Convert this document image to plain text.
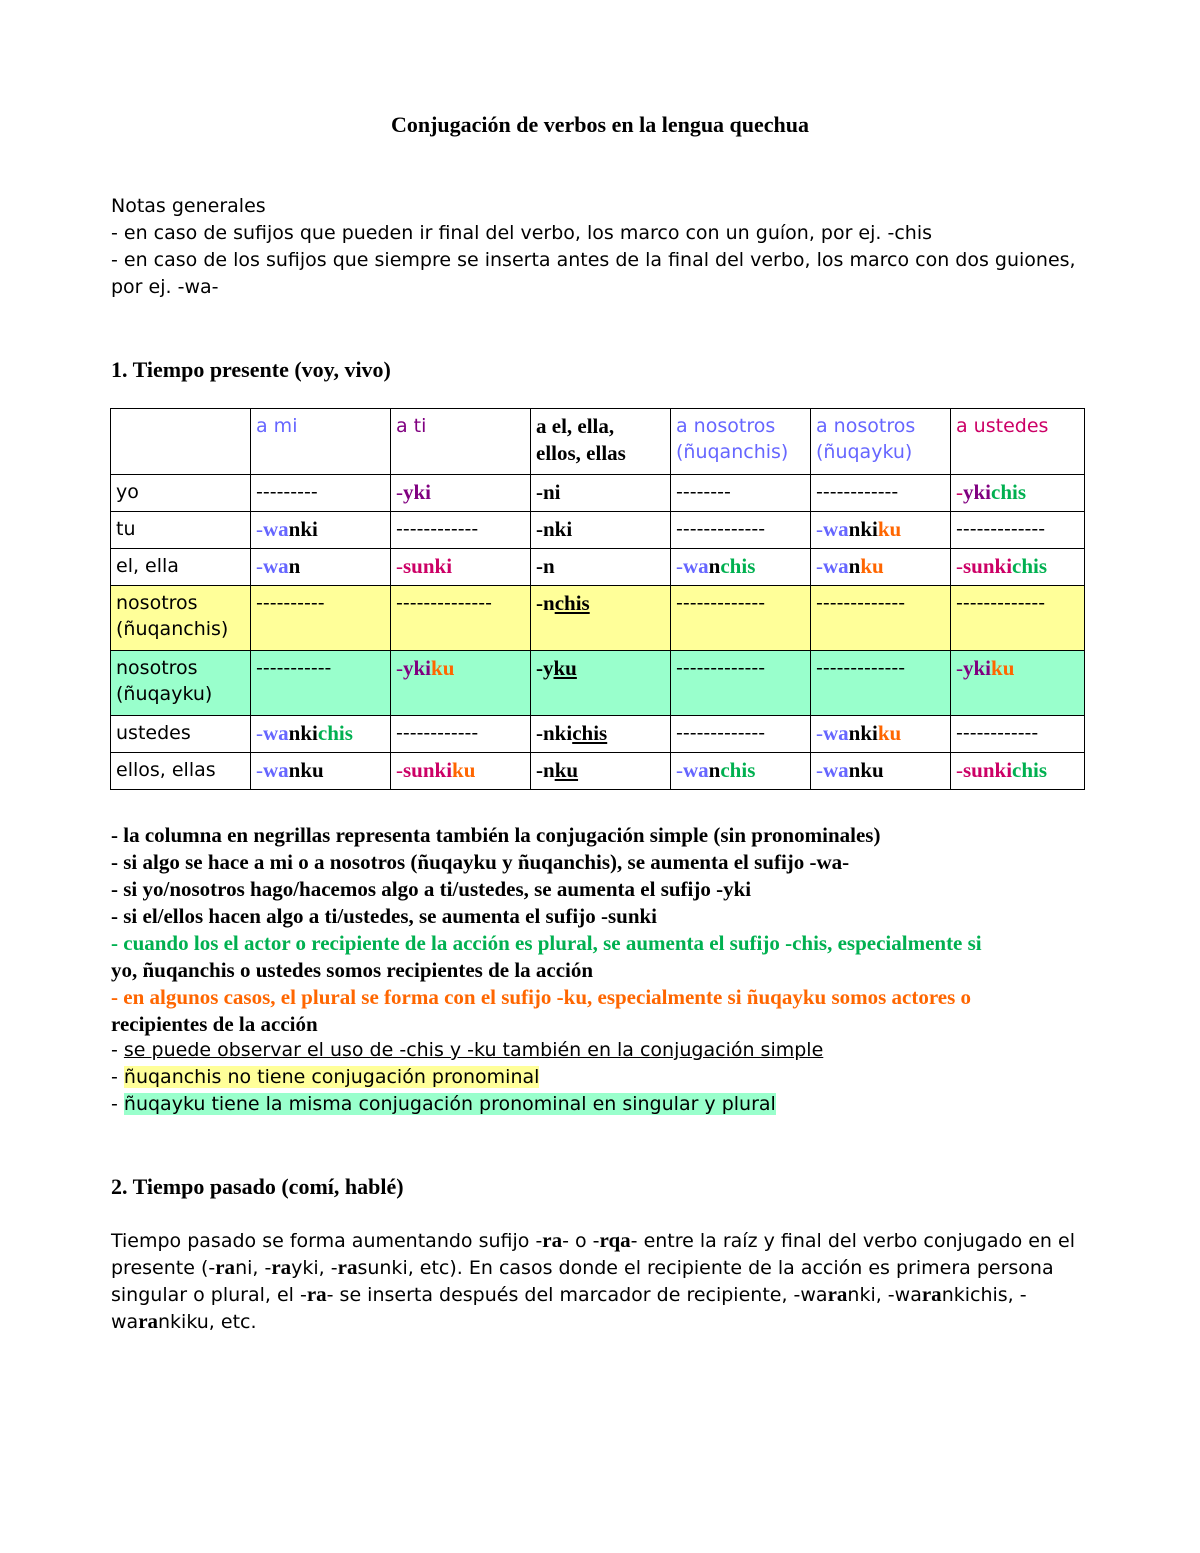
Conjugación de verbos en la lengua quechua
Notas generales
- en caso de sufijos que pueden ir final del verbo, los marco con un guíon, por ej. -chis
- en caso de los sufijos que siempre se inserta antes de la final del verbo, los marco con dos guiones,
por ej. -wa-
1. Tiempo presente (voy, vivo)
	a mi	a ti	a el, ella,
ellos, ellas	a nosotros
(ñuqanchis)	a nosotros
(ñuqayku)	a ustedes
yo	---------	-yki	-ni	--------	------------	-ykichis
tu	-wanki	------------	-nki	-------------	-wankiku	-------------
el, ella	-wan	-sunki	-n	-wanchis	-wanku	-sunkichis
nosotros
(ñuqanchis)	----------	--------------	-nchis	-------------	-------------	-------------
nosotros
(ñuqayku)	-----------	-ykiku	-yku	-------------	-------------	-ykiku
ustedes	-wankichis	------------	-nkichis	-------------	-wankiku	------------
ellos, ellas	-wanku	-sunkiku	-nku	-wanchis	-wanku	-sunkichis
- la columna en negrillas representa también la conjugación simple (sin pronominales)
- si algo se hace a mi o a nosotros (ñuqayku y ñuqanchis), se aumenta el sufijo -wa-
- si yo/nosotros hago/hacemos algo a ti/ustedes, se aumenta el sufijo -yki
- si el/ellos hacen algo a ti/ustedes, se aumenta el sufijo -sunki
- cuando los el actor o recipiente de la acción es plural, se aumenta el sufijo -chis, especialmente si
yo, ñuqanchis o ustedes somos recipientes de la acción
- en algunos casos, el plural se forma con el sufijo -ku, especialmente si ñuqayku somos actores o
recipientes de la acción
- se puede observar el uso de -chis y -ku también en la conjugación simple
- ñuqanchis no tiene conjugación pronominal
- ñuqayku tiene la misma conjugación pronominal en singular y plural
2. Tiempo pasado (comí, hablé)
Tiempo pasado se forma aumentando sufijo -ra- o -rqa- entre la raíz y final del verbo conjugado en el
presente (-rani, -rayki, -rasunki, etc). En casos donde el recipiente de la acción es primera persona
singular o plural, el -ra- se inserta después del marcador de recipiente, -waranki, -warankichis, -
warankiku, etc.
